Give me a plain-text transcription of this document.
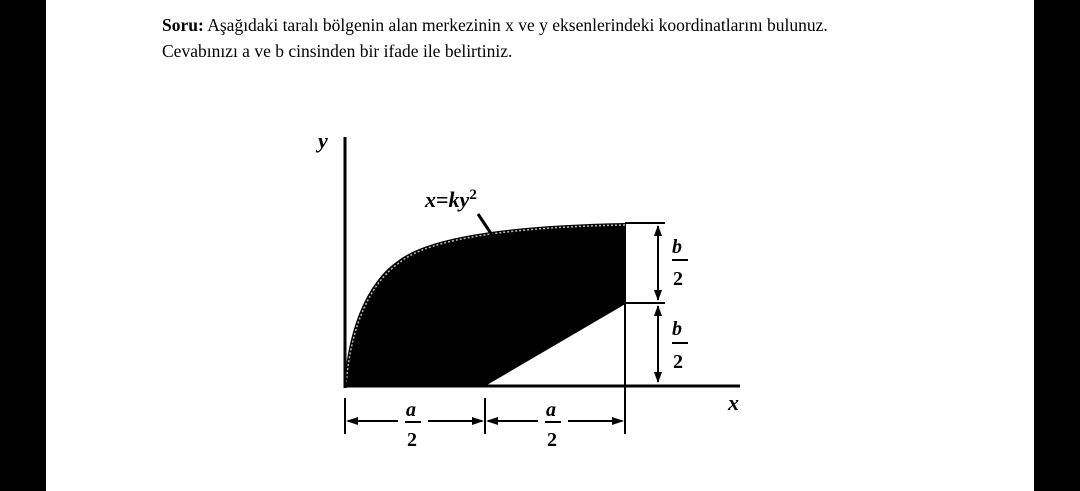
Soru: Aşağıdaki taralı bölgenin alan merkezinin x ve y eksenlerindeki koordinatlarını bulunuz.
Cevabınızı a ve b cinsinden bir ifade ile belirtiniz.
y
x
$x=ky^2$
b
2
b
2
a
2
a
2
